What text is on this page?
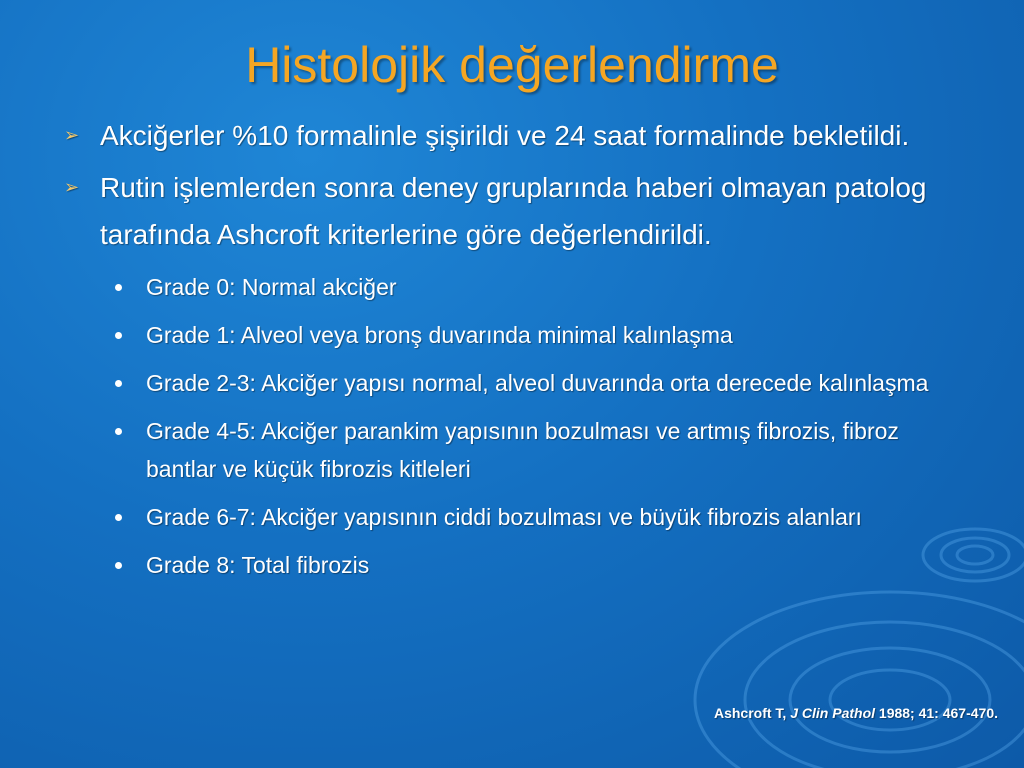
Histolojik değerlendirme
➢ Akciğerler %10 formalinle şişirildi ve 24 saat formalinde bekletildi.
➢ Rutin işlemlerden sonra deney gruplarında haberi olmayan patolog tarafında Ashcroft kriterlerine göre değerlendirildi.
Grade 0: Normal akciğer
Grade 1: Alveol veya bronş duvarında minimal kalınlaşma
Grade 2-3: Akciğer yapısı normal, alveol duvarında orta derecede kalınlaşma
Grade 4-5: Akciğer parankim yapısının bozulması ve artmış fibrozis, fibroz bantlar ve küçük fibrozis kitleleri
Grade 6-7: Akciğer yapısının ciddi bozulması ve büyük fibrozis alanları
Grade 8: Total fibrozis
Ashcroft T, J Clin Pathol 1988; 41: 467-470.
